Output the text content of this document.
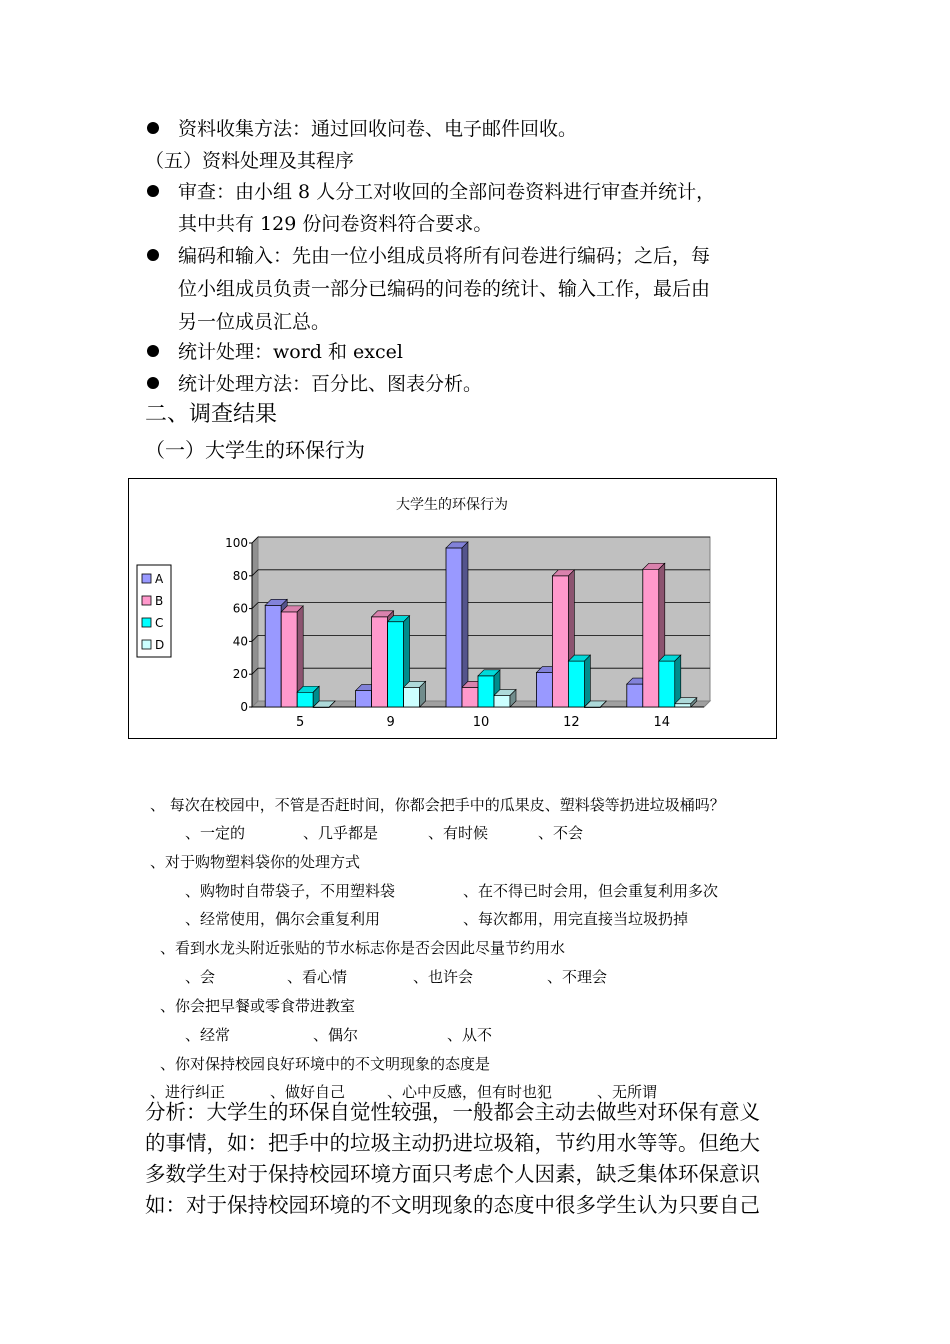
资料收集方法：通过回收问卷、电子邮件回收。
（五）资料处理及其程序
审查：由小组 8 人分工对收回的全部问卷资料进行审查并统计，
其中共有 129 份问卷资料符合要求。
编码和输入：先由一位小组成员将所有问卷进行编码；之后，每
位小组成员负责一部分已编码的问卷的统计、输入工作，最后由
另一位成员汇总。
统计处理：word 和 excel
统计处理方法：百分比、图表分析。
二、调查结果
（一）大学生的环保行为
大学生的环保行为
0
20
40
60
80
100
5	9	10	12	14
A
B
C
D
、 每次在校园中，不管是否赶时间，你都会把手中的瓜果皮、塑料袋等扔进垃圾桶吗？
、一定的	、几乎都是	、有时候	、不会
、对于购物塑料袋你的处理方式
、购物时自带袋子，不用塑料袋	、在不得已时会用，但会重复利用多次
、经常使用，偶尔会重复利用	、每次都用，用完直接当垃圾扔掉
、看到水龙头附近张贴的节水标志你是否会因此尽量节约用水
、会	、看心情	、也许会	、不理会
、你会把早餐或零食带进教室
、经常	、偶尔	、从不
、你对保持校园良好环境中的不文明现象的态度是
、进行纠正	、做好自己	、心中反感，但有时也犯	、无所谓
分析：大学生的环保自觉性较强，一般都会主动去做些对环保有意义
的事情，如：把手中的垃圾主动扔进垃圾箱，节约用水等等。但绝大
多数学生对于保持校园环境方面只考虑个人因素，缺乏集体环保意识
如：对于保持校园环境的不文明现象的态度中很多学生认为只要自己
